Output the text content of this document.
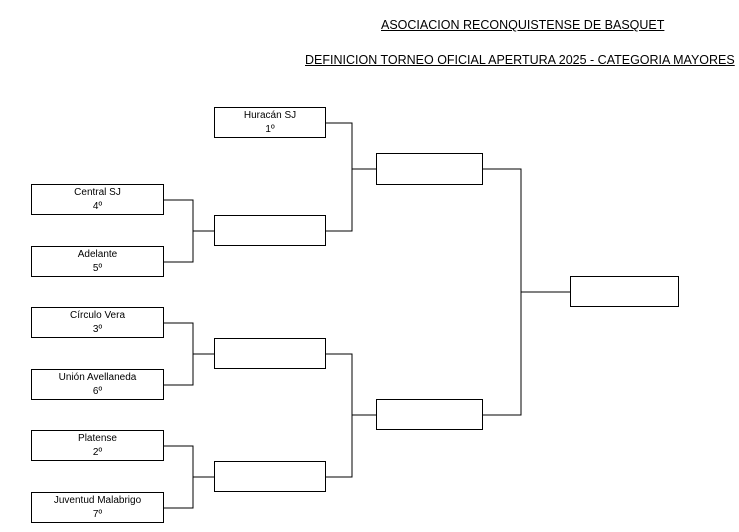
ASOCIACION RECONQUISTENSE DE BASQUET
DEFINICION TORNEO OFICIAL APERTURA 2025 - CATEGORIA MAYORES
Huracán SJ
1º
Central SJ
4º
Adelante
5º
Círculo Vera
3º
Unión Avellaneda
6º
Platense
2º
Juventud Malabrigo
7º
